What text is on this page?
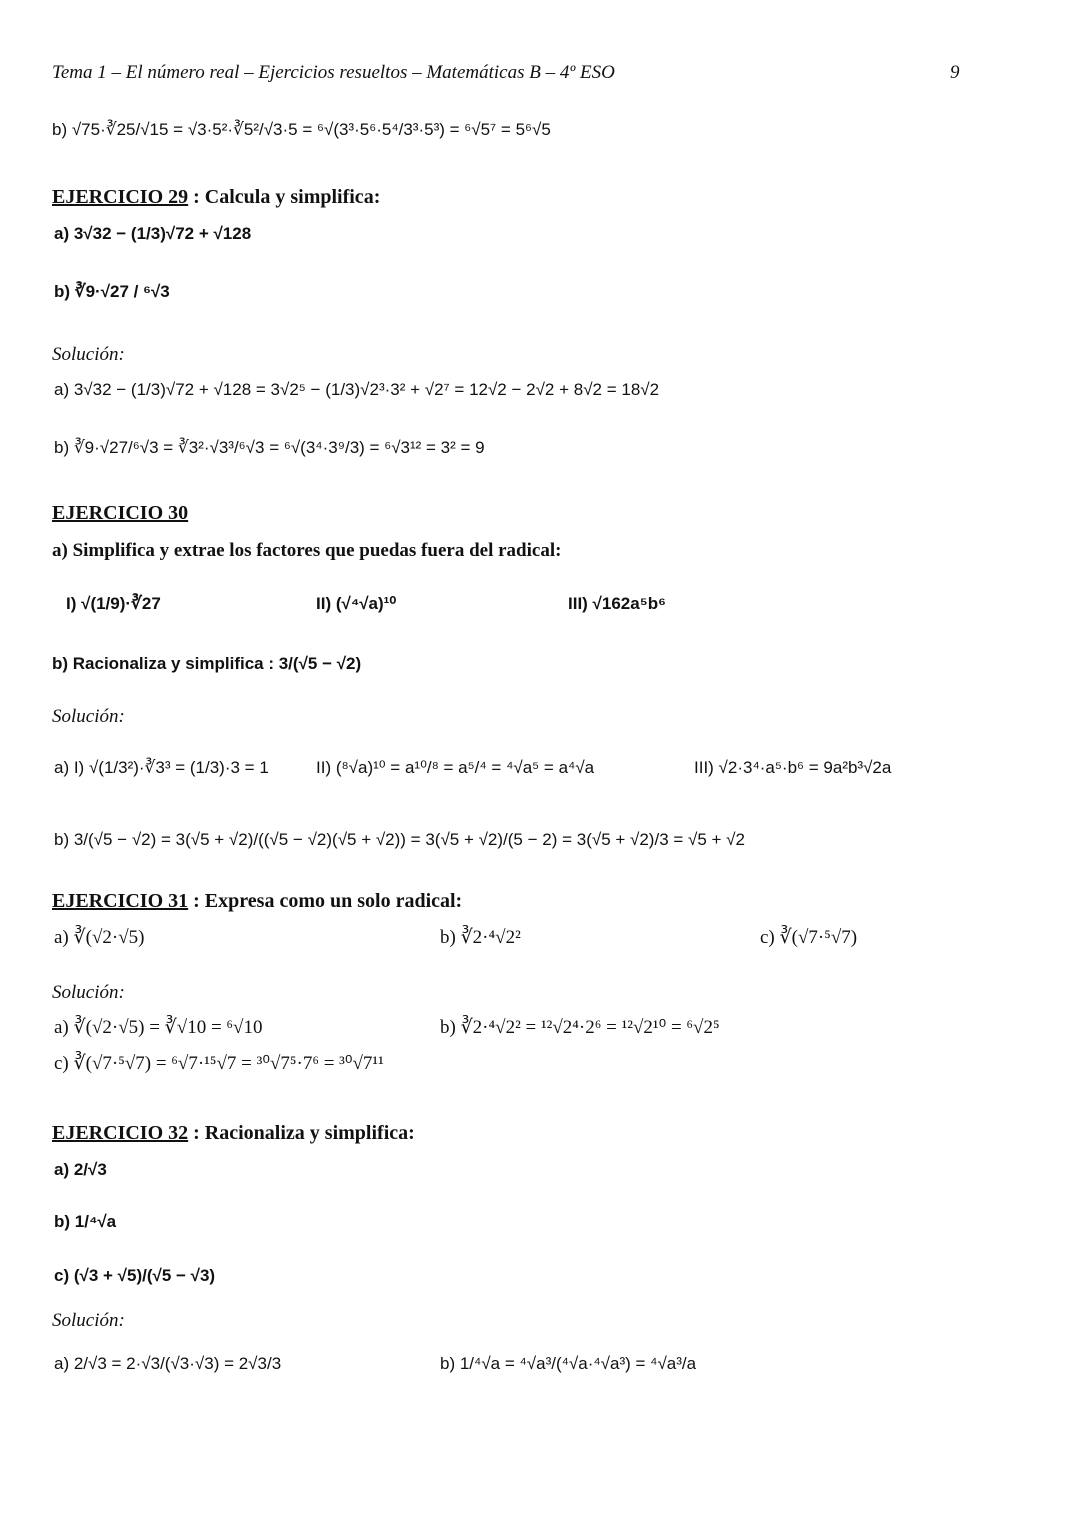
Tema 1 – El número real – Ejercicios resueltos – Matemáticas B – 4º ESO	9
b) √75·∛25/√15 = √3·5²·∛5²/√3·5 = ⁶√(3³·5⁶·5⁴/3³·5³) = ⁶√5⁷ = 5⁶√5
EJERCICIO 29 : Calcula y simplifica:
a) 3√32 − (1/3)√72 + √128
b) ∛9·√27 / ⁶√3
Solución:
a) 3√32 − (1/3)√72 + √128 = 3√2⁵ − (1/3)√2³·3² + √2⁷ = 12√2 − 2√2 + 8√2 = 18√2
b) ∛9·√27/⁶√3 = ∛3²·√3³/⁶√3 = ⁶√(3⁴·3⁹/3) = ⁶√3¹² = 3² = 9
EJERCICIO 30
a) Simplifica y extrae los factores que puedas fuera del radical:
I) √(1/9)·∛27	II) (√⁴√a)¹⁰	III) √162a⁵b⁶
b) Racionaliza y simplifica : 3/(√5 − √2)
Solución:
a) I) √(1/3²)·∛3³ = (1/3)·3 = 1	II) (⁸√a)¹⁰ = a¹⁰/⁸ = a⁵/⁴ = ⁴√a⁵ = a⁴√a	III) √2·3⁴·a⁵·b⁶ = 9a²b³√2a
b) 3/(√5 − √2) = 3(√5 + √2)/((√5 − √2)(√5 + √2)) = 3(√5 + √2)/(5 − 2) = 3(√5 + √2)/3 = √5 + √2
EJERCICIO 31 : Expresa como un solo radical:
a) ∛(√2·√5)	b) ∛2·⁴√2²	c) ∛(√7·⁵√7)
Solución:
a) ∛(√2·√5) = ∛√10 = ⁶√10	b) ∛2·⁴√2² = ¹²√2⁴·2⁶ = ¹²√2¹⁰ = ⁶√2⁵
c) ∛(√7·⁵√7) = ⁶√7·¹⁵√7 = ³⁰√7⁵·7⁶ = ³⁰√7¹¹
EJERCICIO 32 : Racionaliza y simplifica:
a) 2/√3
b) 1/⁴√a
c) (√3 + √5)/(√5 − √3)
Solución:
a) 2/√3 = 2·√3/(√3·√3) = 2√3/3	b) 1/⁴√a = ⁴√a³/(⁴√a·⁴√a³) = ⁴√a³/a
